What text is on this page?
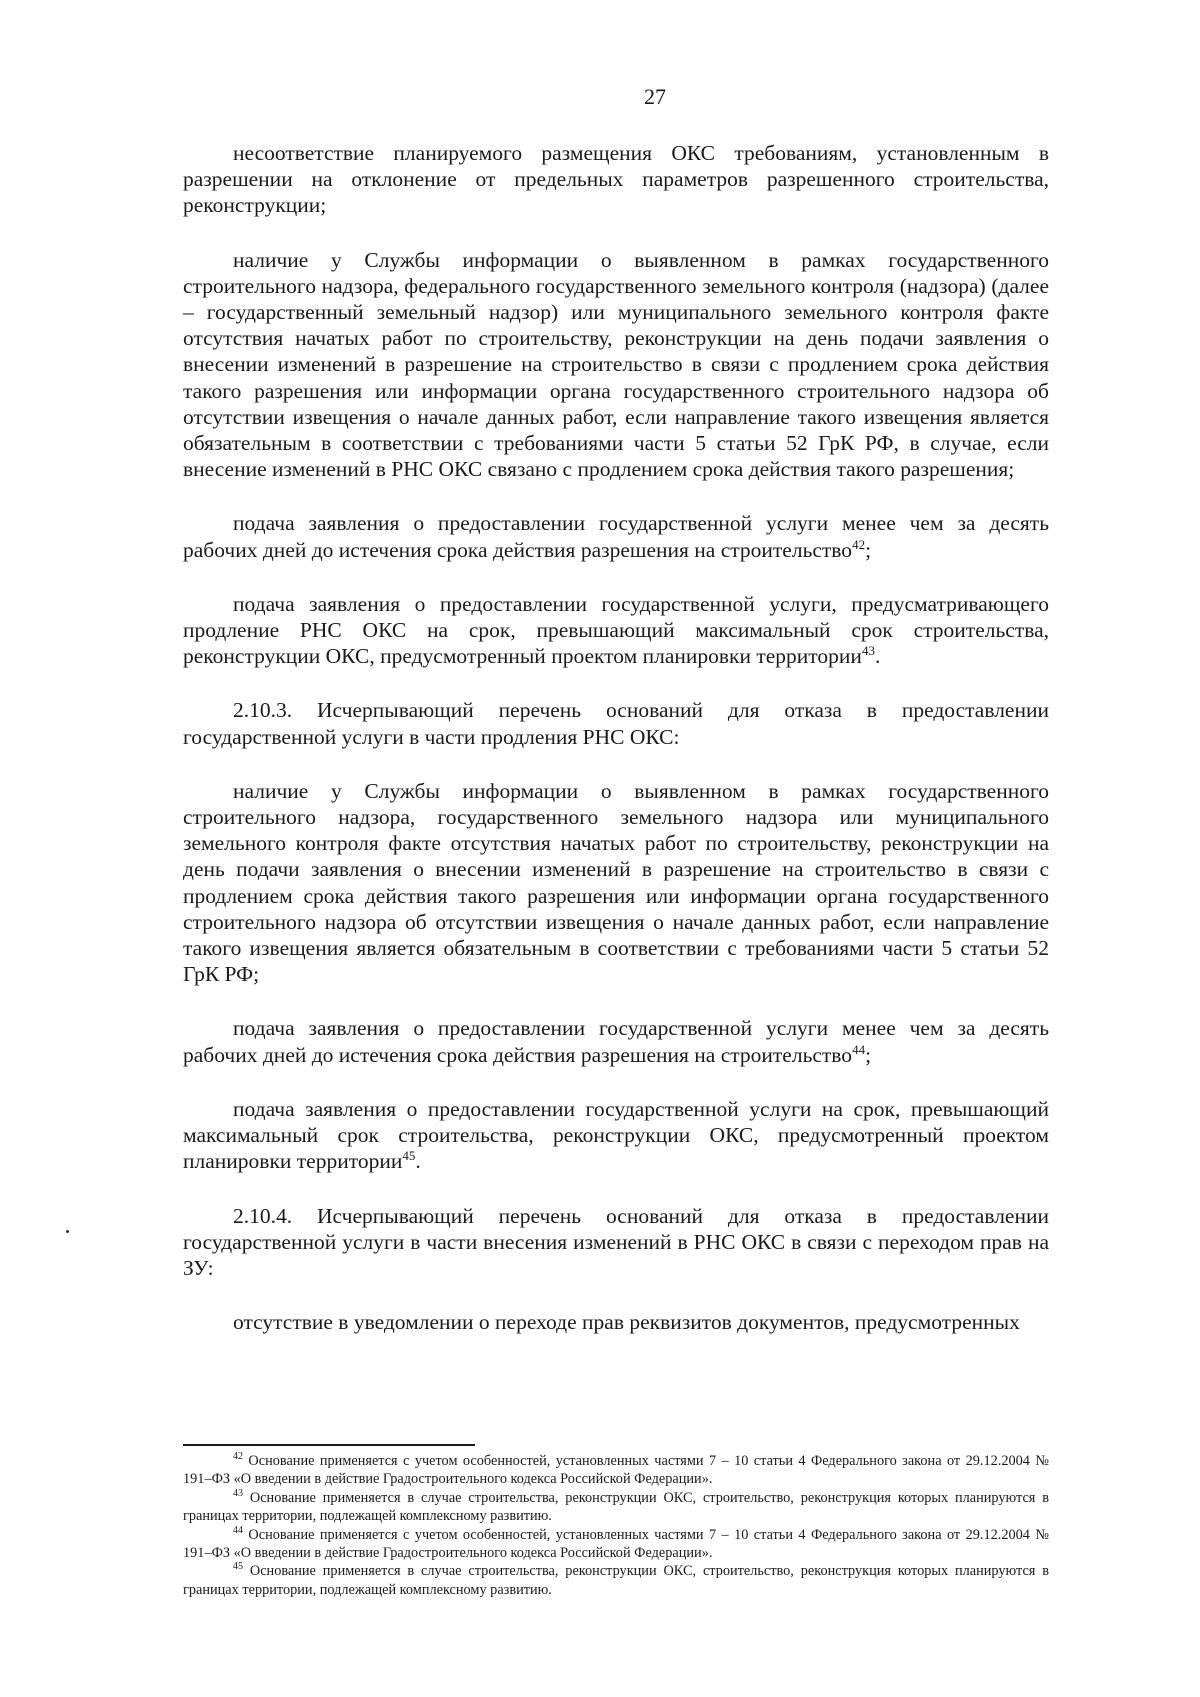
27

несоответствие планируемого размещения ОКС требованиям, установленным в разрешении на отклонение от предельных параметров разрешенного строительства, реконструкции;

наличие у Службы информации о выявленном в рамках государственного строительного надзора, федерального государственного земельного контроля (надзора) (далее – государственный земельный надзор) или муниципального земельного контроля факте отсутствия начатых работ по строительству, реконструкции на день подачи заявления о внесении изменений в разрешение на строительство в связи с продлением срока действия такого разрешения или информации органа государственного строительного надзора об отсутствии извещения о начале данных работ, если направление такого извещения является обязательным в соответствии с требованиями части 5 статьи 52 ГрК РФ, в случае, если внесение изменений в РНС ОКС связано с продлением срока действия такого разрешения;

подача заявления о предоставлении государственной услуги менее чем за десять рабочих дней до истечения срока действия разрешения на строительство$^{42}$;

подача заявления о предоставлении государственной услуги, предусматривающего продление РНС ОКС на срок, превышающий максимальный срок строительства, реконструкции ОКС, предусмотренный проектом планировки территории$^{43}$.

2.10.3. Исчерпывающий перечень оснований для отказа в предоставлении государственной услуги в части продления РНС ОКС:

наличие у Службы информации о выявленном в рамках государственного строительного надзора, государственного земельного надзора или муниципального земельного контроля факте отсутствия начатых работ по строительству, реконструкции на день подачи заявления о внесении изменений в разрешение на строительство в связи с продлением срока действия такого разрешения или информации органа государственного строительного надзора об отсутствии извещения о начале данных работ, если направление такого извещения является обязательным в соответствии с требованиями части 5 статьи 52 ГрК РФ;

подача заявления о предоставлении государственной услуги менее чем за десять рабочих дней до истечения срока действия разрешения на строительство$^{44}$;

подача заявления о предоставлении государственной услуги на срок, превышающий максимальный срок строительства, реконструкции ОКС, предусмотренный проектом планировки территории$^{45}$.

2.10.4. Исчерпывающий перечень оснований для отказа в предоставлении государственной услуги в части внесения изменений в РНС ОКС в связи с переходом прав на ЗУ:

отсутствие в уведомлении о переходе прав реквизитов документов, предусмотренных

$^{42}$ Основание применяется с учетом особенностей, установленных частями 7 – 10 статьи 4 Федерального закона от 29.12.2004 № 191–ФЗ «О введении в действие Градостроительного кодекса Российской Федерации».

$^{43}$ Основание применяется в случае строительства, реконструкции ОКС, строительство, реконструкция которых планируются в границах территории, подлежащей комплексному развитию.

$^{44}$ Основание применяется с учетом особенностей, установленных частями 7 – 10 статьи 4 Федерального закона от 29.12.2004 № 191–ФЗ «О введении в действие Градостроительного кодекса Российской Федерации».

$^{45}$ Основание применяется в случае строительства, реконструкции ОКС, строительство, реконструкция которых планируются в границах территории, подлежащей комплексному развитию.
